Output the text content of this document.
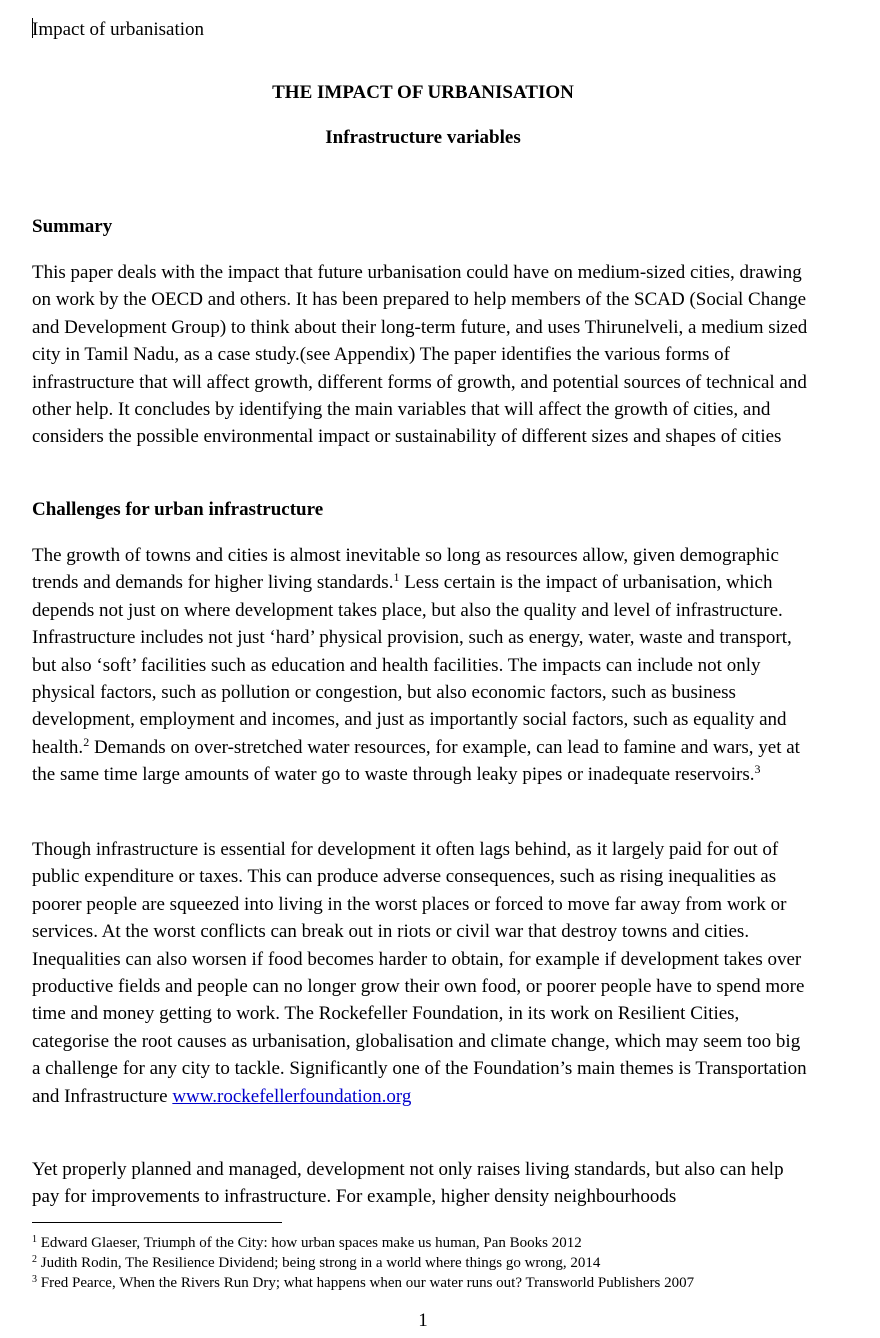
Impact of urbanisation
THE IMPACT OF URBANISATION
Infrastructure variables
Summary

This paper deals with the impact that future urbanisation could have on medium-sized cities, drawing on work by the OECD and others. It has been prepared to help members of the SCAD (Social Change and Development Group) to think about their long-term future, and uses Thirunelveli, a medium sized city in Tamil Nadu, as a case study.(see Appendix) The paper identifies the various forms of infrastructure that will affect growth, different forms of growth, and potential sources of technical and other help. It concludes by identifying the main variables that will affect the growth of cities, and considers the possible environmental impact or sustainability of different sizes and shapes of cities

Challenges for urban infrastructure

The growth of towns and cities is almost inevitable so long as resources allow, given demographic trends and demands for higher living standards.$^1$ Less certain is the impact of urbanisation, which depends not just on where development takes place, but also the quality and level of infrastructure. Infrastructure includes not just ‘hard’ physical provision, such as energy, water, waste and transport, but also ‘soft’ facilities such as education and health facilities. The impacts can include not only physical factors, such as pollution or congestion, but also economic factors, such as business development, employment and incomes, and just as importantly social factors, such as equality and health.$^2$ Demands on over-stretched water resources, for example, can lead to famine and wars, yet at the same time large amounts of water go to waste through leaky pipes or inadequate reservoirs.$^3$

Though infrastructure is essential for development it often lags behind, as it largely paid for out of public expenditure or taxes. This can produce adverse consequences, such as rising inequalities as poorer people are squeezed into living in the worst places or forced to move far away from work or services. At the worst conflicts can break out in riots or civil war that destroy towns and cities. Inequalities can also worsen if food becomes harder to obtain, for example if development takes over productive fields and people can no longer grow their own food, or poorer people have to spend more time and money getting to work. The Rockefeller Foundation, in its work on Resilient Cities, categorise the root causes as urbanisation, globalisation and climate change, which may seem too big a challenge for any city to tackle. Significantly one of the Foundation’s main themes is Transportation and Infrastructure www.rockefellerfoundation.org

Yet properly planned and managed, development not only raises living standards, but also can help pay for improvements to infrastructure. For example, higher density neighbourhoods

$^1$ Edward Glaeser, Triumph of the City: how urban spaces make us human, Pan Books 2012
$^2$ Judith Rodin, The Resilience Dividend; being strong in a world where things go wrong, 2014
$^3$ Fred Pearce, When the Rivers Run Dry; what happens when our water runs out? Transworld Publishers 2007
1
